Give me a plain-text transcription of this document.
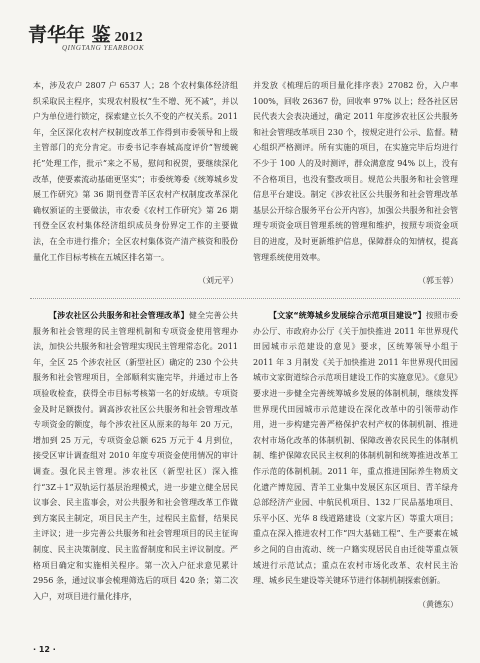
青华年 鉴 2012
QINGTANG YEARBOOK

本，涉及农户 2807 户 6537 人；28 个农村集体经济组织采取民主程序，实现农村股权“生不增、死不减”，并以户为单位进行锁定，探索建立长久不变的产权关系。2011 年，全区深化农村产权制度改革工作得到市委领导和上级主管部门的充分肯定。市委书记李春城高度评价“智缓碗托”处理工作，批示“来之不易，慰问和祝贺，要继续深化改革，使要素流动基础更坚实”；市委统筹委《统筹城乡发展工作研究》第 36 期刊登青羊区农村产权制度改革深化确权颁证的主要做法，市农委《农村工作研究》第 26 期刊登全区农村集体经济组织成员身份界定工作的主要做法，在全市进行推介；全区农村集体资产清产核资和股份量化工作目标考核在五城区排名第一。

（刘元平）

并发放《梳理后的项目量化排序表》27082 份，入户率 100%，回收 26367 份，回收率 97% 以上；经各社区居民代表大会表决通过，确定 2011 年度涉农社区公共服务和社会管理改革项目 230 个，按规定进行公示、监督。精心组织严格测评。所有实施的项目，在实施完毕后均进行不少于 100 人的及时测评，群众满意度 94% 以上，没有不合格项目，也没有整改项目。规范公共服务和社会管理信息平台建设。制定《涉农社区公共服务和社会管理改革基层公开综合服务平台公开内容》，加强公共服务和社会管理专项资金项目管理系统的管理和维护，按照专项资金项目的进度，及时更新维护信息，保障群众的知情权，提高管理系统使用效率。

（郭玉蓉）

【涉农社区公共服务和社会管理改革】健全完善公共服务和社会管理的民主管理机制和专项资金使用管理办法，加快公共服务和社会管理实现民主管理常态化。2011 年，全区 25 个涉农社区（新型社区）确定的 230 个公共服务和社会管理项目，全部顺利实施完毕，并通过市上各项验收检查，获得全市目标考核第一名的好成绩。专项资金及时足额拨付。调高涉农社区公共服务和社会管理改革专项资金的额度，每个涉农社区从原来的每年 20 万元，增加到 25 万元，专项资金总额 625 万元于 4 月到位，接受区审计调查组对 2010 年度专项资金使用情况的审计调查。强化民主管理。涉农社区（新型社区）深入推行“3Z＋1”双轨运行基层治理模式，进一步建立健全居民议事会、民主监事会，对公共服务和社会管理改革工作做到方案民主制定，项目民主产生，过程民主监督，结果民主评议；进一步完善公共服务和社会管理项目的民主征询制度、民主决策制度、民主监督制度和民主评议制度。严格项目确定和实施相关程序。第一次入户征求意见累计 2956 条，通过议事会梳理筛选后的项目 420 条；第二次入户，对项目进行量化排序，

【文家“统筹城乡发展综合示范项目建设”】按照市委办公厅、市政府办公厅《关于加快推进 2011 年世界现代田园城市示范建设的意见》要求，区统筹领导小组于 2011 年 3 月制发《关于加快推进 2011 年世界现代田园城市文家街道综合示范项目建设工作的实施意见》。《意见》要求进一步健全完善统筹城乡发展的体制机制，继续发挥世界现代田园城市示范建设在深化改革中的引领带动作用，进一步构建完善严格保护农村产权的体制机制、推进农村市场化改革的体制机制、保障改善农民民生的体制机制、维护保障农民民主权利的体制机制和统筹推进改革工作示范的体制机制。2011 年，重点推进国际养生物质文化遗产博览园、青羊工业集中发展区东区项目、青羊绿舟总部经济产业园、中航民机项目、132 厂民品基地项目、乐平小区、光华 8 线道路建设（文家片区）等重大项目；重点在深入推进农村工作“四大基础工程”、生产要素在城乡之间的自由流动、统一户籍实现居民自由迁徙等重点领域进行示范试点；重点在农村市场化改革、农村民主治理、城乡民生建设等关键环节进行体制机制探索创新。

（黄德东）

· 12 ·
